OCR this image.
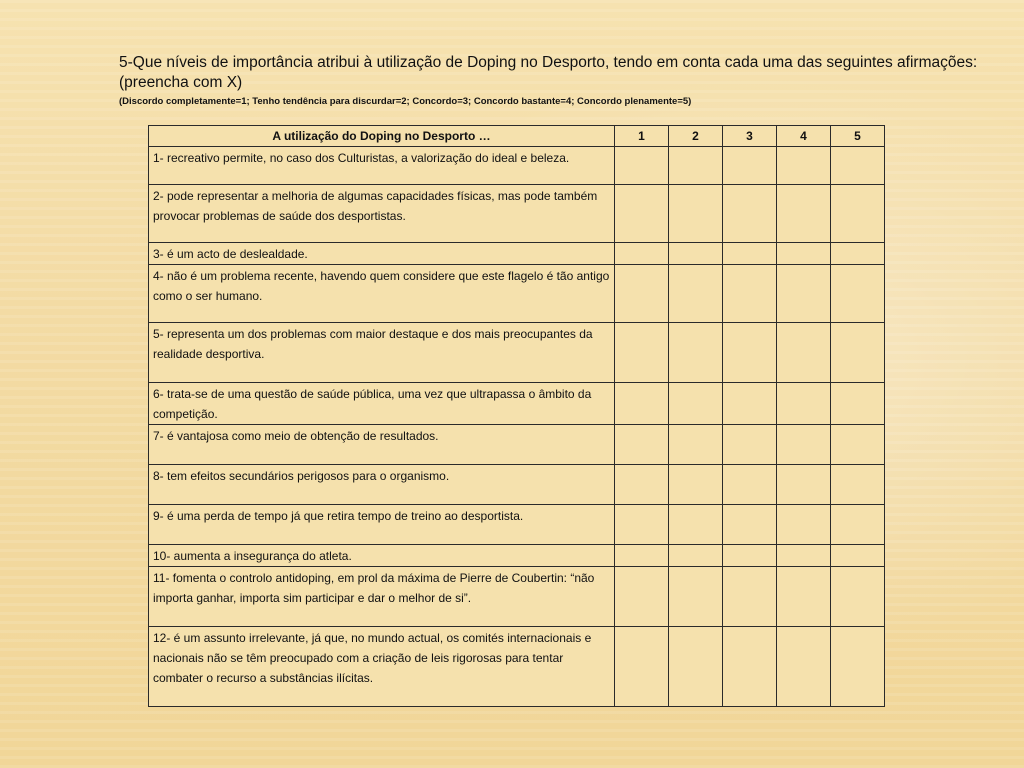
5-Que níveis de importância atribui à utilização de Doping no Desporto, tendo em conta cada uma das seguintes afirmações:
(preencha com X)
(Discordo completamente=1; Tenho tendência para discurdar=2; Concordo=3; Concordo bastante=4; Concordo plenamente=5)
A utilização do Doping no Desporto …	1	2	3	4	5
1- recreativo permite, no caso dos Culturistas, a valorização do ideal e beleza.					
2- pode representar a melhoria de algumas capacidades físicas, mas pode também provocar problemas de saúde dos desportistas.					
3- é um acto de deslealdade.					
4- não é um problema recente, havendo quem considere que este flagelo é tão antigo como o ser humano.					
5- representa um dos problemas com maior destaque e dos mais preocupantes da realidade desportiva.					
6- trata-se de uma questão de saúde pública, uma vez que ultrapassa o âmbito da competição.					
7- é vantajosa como meio de obtenção de resultados.					
8- tem efeitos secundários perigosos para o organismo.					
9- é uma perda de tempo já que retira tempo de treino ao desportista.					
10- aumenta a insegurança do atleta.					
11- fomenta o controlo antidoping, em prol da máxima de Pierre de Coubertin: “não importa ganhar, importa sim participar e dar o melhor de si”.					
12- é um assunto irrelevante, já que, no mundo actual, os comités internacionais e nacionais não se têm preocupado com a criação de leis rigorosas para tentar combater o recurso a substâncias ilícitas.					
